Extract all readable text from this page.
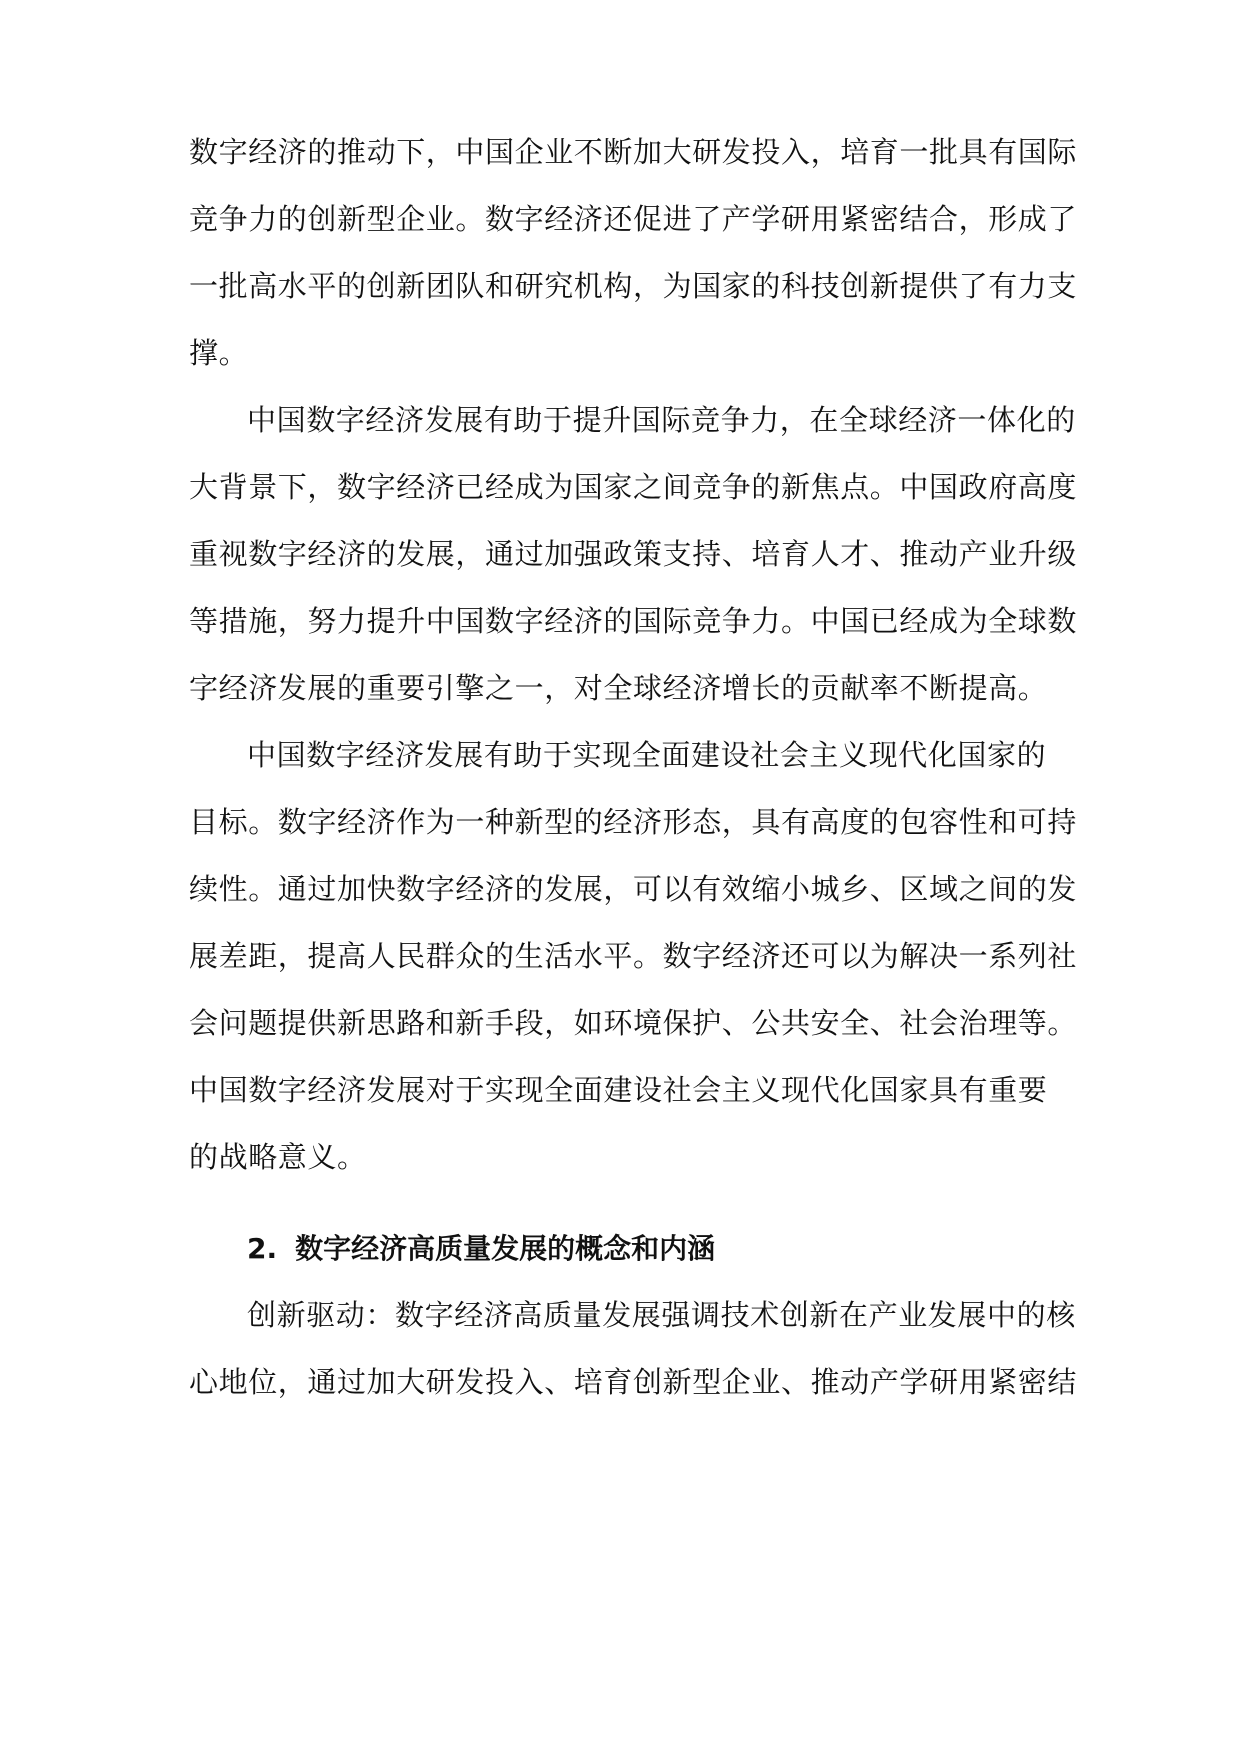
数字经济的推动下，中国企业不断加大研发投入，培育一批具有国际
竞争力的创新型企业。数字经济还促进了产学研用紧密结合，形成了
一批高水平的创新团队和研究机构，为国家的科技创新提供了有力支
撑。
中国数字经济发展有助于提升国际竞争力，在全球经济一体化的
大背景下，数字经济已经成为国家之间竞争的新焦点。中国政府高度
重视数字经济的发展，通过加强政策支持、培育人才、推动产业升级
等措施，努力提升中国数字经济的国际竞争力。中国已经成为全球数
字经济发展的重要引擎之一，对全球经济增长的贡献率不断提高。
中国数字经济发展有助于实现全面建设社会主义现代化国家的
目标。数字经济作为一种新型的经济形态，具有高度的包容性和可持
续性。通过加快数字经济的发展，可以有效缩小城乡、区域之间的发
展差距，提高人民群众的生活水平。数字经济还可以为解决一系列社
会问题提供新思路和新手段，如环境保护、公共安全、社会治理等。
中国数字经济发展对于实现全面建设社会主义现代化国家具有重要
的战略意义。
2. 数字经济高质量发展的概念和内涵
创新驱动：数字经济高质量发展强调技术创新在产业发展中的核
心地位，通过加大研发投入、培育创新型企业、推动产学研用紧密结
